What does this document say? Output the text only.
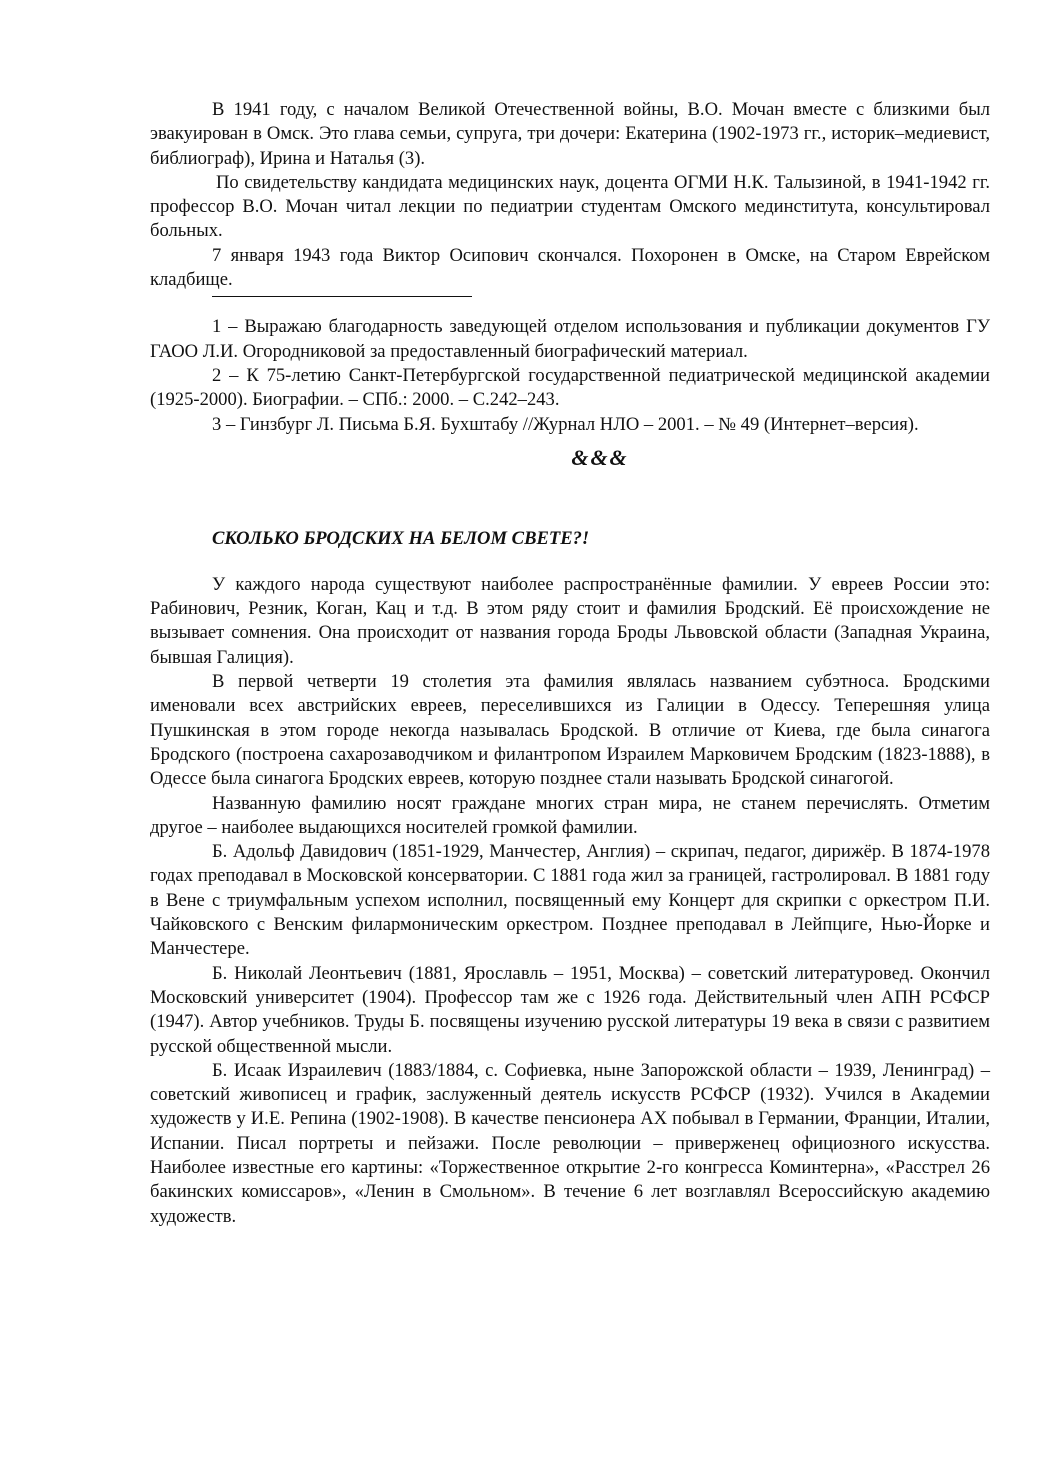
В 1941 году, с началом Великой Отечественной войны, В.О. Мочан вместе с близкими был эвакуирован в Омск. Это глава семьи, супруга, три дочери: Екатерина (1902-1973 гг., историк–медиевист, библиограф), Ирина и Наталья (3).

По свидетельству кандидата медицинских наук, доцента ОГМИ Н.К. Талызиной, в 1941-1942 гг. профессор В.О. Мочан читал лекции по педиатрии студентам Омского мединститута, консультировал больных.

7 января 1943 года Виктор Осипович скончался. Похоронен в Омске, на Старом Еврейском кладбище.

1 – Выражаю благодарность заведующей отделом использования и публикации документов ГУ ГАОО Л.И. Огородниковой за предоставленный биографический материал.

2 – К 75-летию Санкт-Петербургской государственной педиатрической медицинской академии (1925-2000). Биографии. – СПб.: 2000. – С.242–243.

3 – Гинзбург Л. Письма Б.Я. Бухштабу //Журнал НЛО – 2001. – № 49 (Интернет–версия).

&&&
СКОЛЬКО БРОДСКИХ НА БЕЛОМ СВЕТЕ?!

У каждого народа существуют наиболее распространённые фамилии. У евреев России это: Рабинович, Резник, Коган, Кац и т.д. В этом ряду стоит и фамилия Бродский. Её происхождение не вызывает сомнения. Она происходит от названия города Броды Львовской области (Западная Украина, бывшая Галиция).

В первой четверти 19 столетия эта фамилия являлась названием субэтноса. Бродскими именовали всех австрийских евреев, переселившихся из Галиции в Одессу. Теперешняя улица Пушкинская в этом городе некогда называлась Бродской. В отличие от Киева, где была синагога Бродского (построена сахарозаводчиком и филантропом Израилем Марковичем Бродским (1823-1888), в Одессе была синагога Бродских евреев, которую позднее стали называть Бродской синагогой.

Названную фамилию носят граждане многих стран мира, не станем перечислять. Отметим другое – наиболее выдающихся носителей громкой фамилии.

Б. Адольф Давидович (1851-1929, Манчестер, Англия) – скрипач, педагог, дирижёр. В 1874-1978 годах преподавал в Московской консерватории. С 1881 года жил за границей, гастролировал. В 1881 году в Вене с триумфальным успехом исполнил, посвященный ему Концерт для скрипки с оркестром П.И. Чайковского с Венским филармоническим оркестром. Позднее преподавал в Лейпциге, Нью-Йорке и Манчестере.

Б. Николай Леонтьевич (1881, Ярославль – 1951, Москва) – советский литературовед. Окончил Московский университет (1904). Профессор там же с 1926 года. Действительный член АПН РСФСР (1947). Автор учебников. Труды Б. посвящены изучению русской литературы 19 века в связи с развитием русской общественной мысли.

Б. Исаак Израилевич (1883/1884, с. Софиевка, ныне Запорожской области – 1939, Ленинград) – советский живописец и график, заслуженный деятель искусств РСФСР (1932). Учился в Академии художеств у И.Е. Репина (1902-1908). В качестве пенсионера АХ побывал в Германии, Франции, Италии, Испании. Писал портреты и пейзажи. После революции – приверженец официозного искусства. Наиболее известные его картины: «Торжественное открытие 2-го конгресса Коминтерна», «Расстрел 26 бакинских комиссаров», «Ленин в Смольном». В течение 6 лет возглавлял Всероссийскую академию художеств.
